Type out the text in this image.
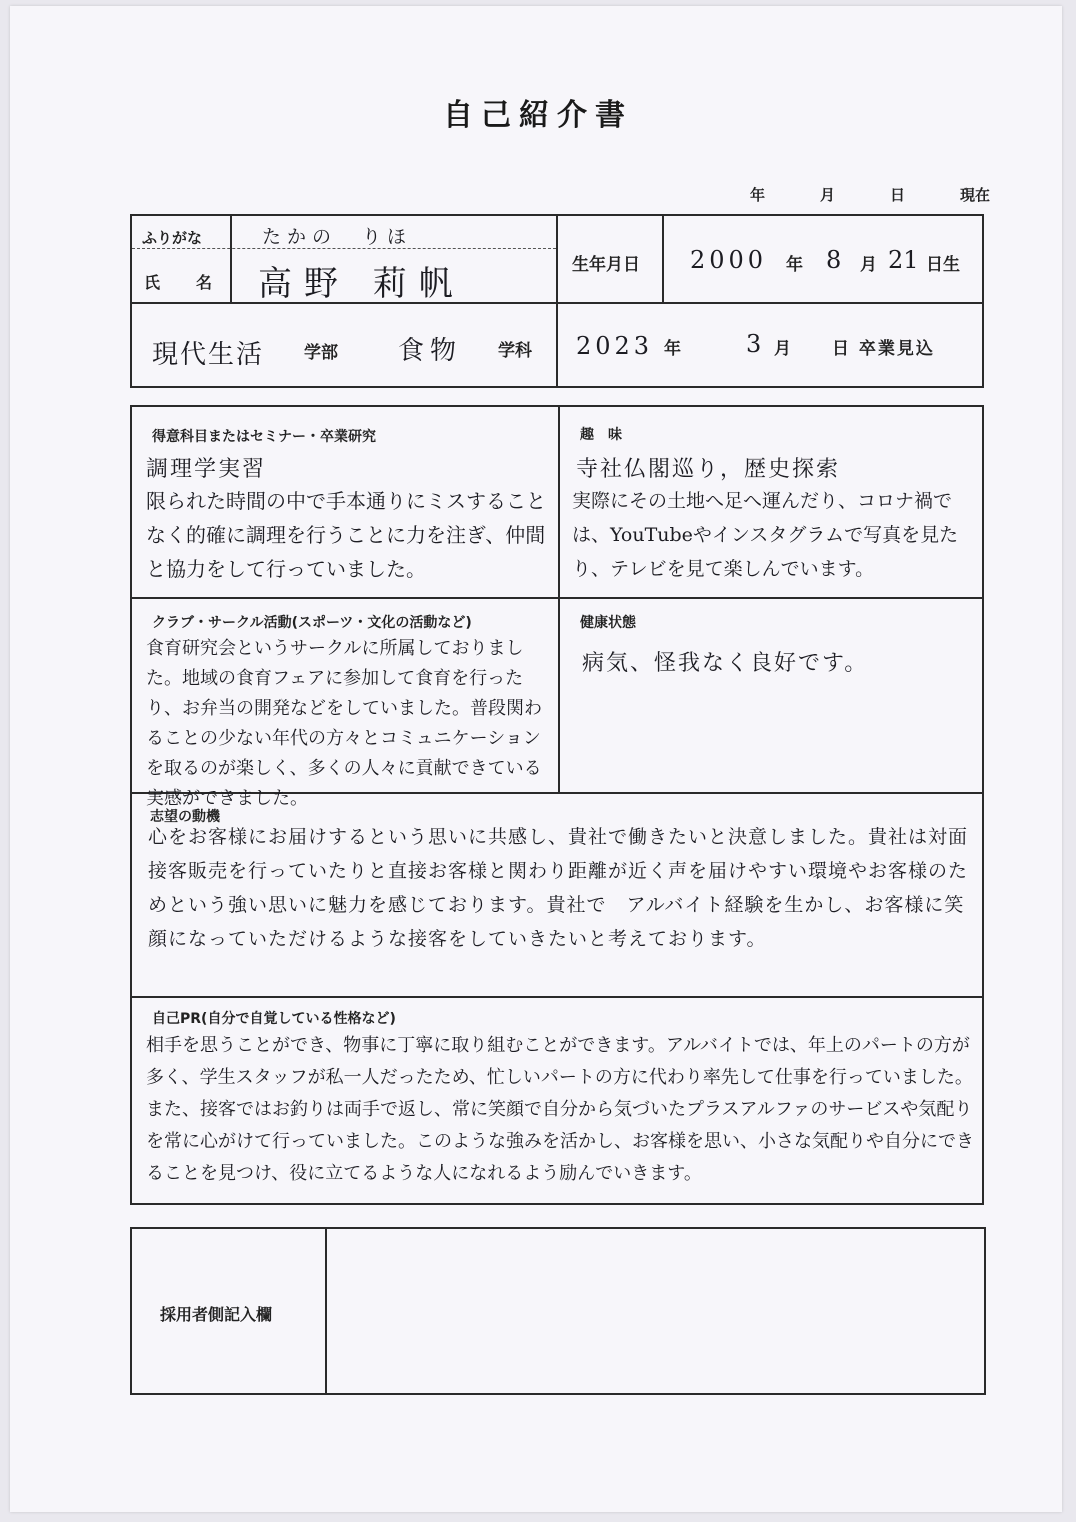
自己紹介書
年	月	日	現在
ふりがな	たかの　りほ
氏　名 高野 莉帆	生年月日 2000 年 8 月 21 日生
現代生活 学部 食物 学科 2023 年	3 月 日 卒業見込
得意科目またはセミナー・卒業研究
調理学実習
限られた時間の中で手本通りにミスすることなく的確に調理を行うことに力を注ぎ、仲間と協力をして行っていました。
趣　味
寺社仏閣巡り，歴史探索
実際にその土地へ足へ運んだり、コロナ禍では、YouTubeやインスタグラムで写真を見たり、テレビを見て楽しんでいます。
クラブ・サークル活動(スポーツ・文化の活動など)
食育研究会というサークルに所属しておりました。地域の食育フェアに参加して食育を行ったり、お弁当の開発などをしていました。普段関わることの少ない年代の方々とコミュニケーションを取るのが楽しく、多くの人々に貢献できている実感ができました。
健康状態
病気、怪我なく良好です。
志望の動機
心をお客様にお届けするという思いに共感し、貴社で働きたいと決意しました。貴社は対面接客販売を行っていたりと直接お客様と関わり距離が近く声を届けやすい環境やお客様のためという強い思いに魅力を感じております。貴社で　アルバイト経験を生かし、お客様に笑顔になっていただけるような接客をしていきたいと考えております。
自己PR(自分で自覚している性格など)
相手を思うことができ、物事に丁寧に取り組むことができます。アルバイトでは、年上のパートの方が多く、学生スタッフが私一人だったため、忙しいパートの方に代わり率先して仕事を行っていました。また、接客ではお釣りは両手で返し、常に笑顔で自分から気づいたプラスアルファのサービスや気配りを常に心がけて行っていました。このような強みを活かし、お客様を思い、小さな気配りや自分にできることを見つけ、役に立てるような人になれるよう励んでいきます。
採用者側記入欄
